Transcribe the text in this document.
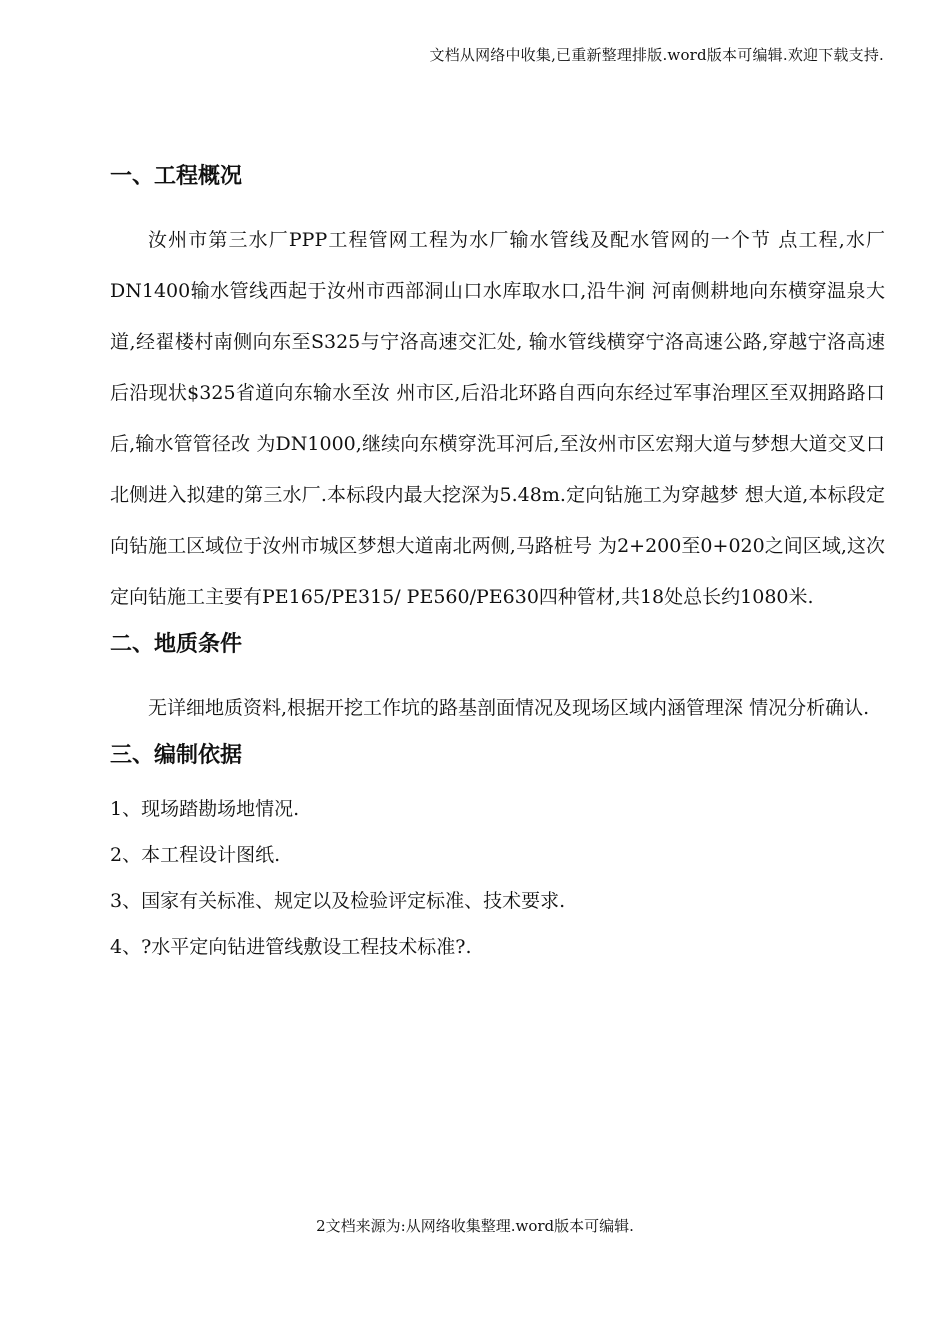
文档从网络中收集,已重新整理排版.word版本可编辑.欢迎下载支持.
一、工程概况

汝州市第三水厂PPP工程管网工程为水厂输水管线及配水管网的一个节 点工程,水厂DN1400输水管线西起于汝州市西部洞山口水库取水口,沿牛涧 河南侧耕地向东横穿温泉大道,经翟楼村南侧向东至S325与宁洛高速交汇处, 输水管线横穿宁洛高速公路,穿越宁洛高速后沿现状$325省道向东输水至汝 州市区,后沿北环路自西向东经过军事治理区至双拥路路口后,输水管管径改 为DN1000,继续向东横穿洗耳河后,至汝州市区宏翔大道与梦想大道交叉口 北侧进入拟建的第三水厂.本标段内最大挖深为5.48m.定向钻施工为穿越梦 想大道,本标段定向钻施工区域位于汝州市城区梦想大道南北两侧,马路桩号 为2+200至0+020之间区域,这次定向钻施工主要有PE165/PE315/ PE560/PE630四种管材,共18处总长约1080米.

二、地质条件

无详细地质资料,根据开挖工作坑的路基剖面情况及现场区域内涵管理深 情况分析确认.

三、编制依据
1、现场踏勘场地情况.
2、本工程设计图纸.
3、国家有关标准、规定以及检验评定标准、技术要求.
4、?水平定向钻进管线敷设工程技术标准?.
2文档来源为:从网络收集整理.word版本可编辑.
